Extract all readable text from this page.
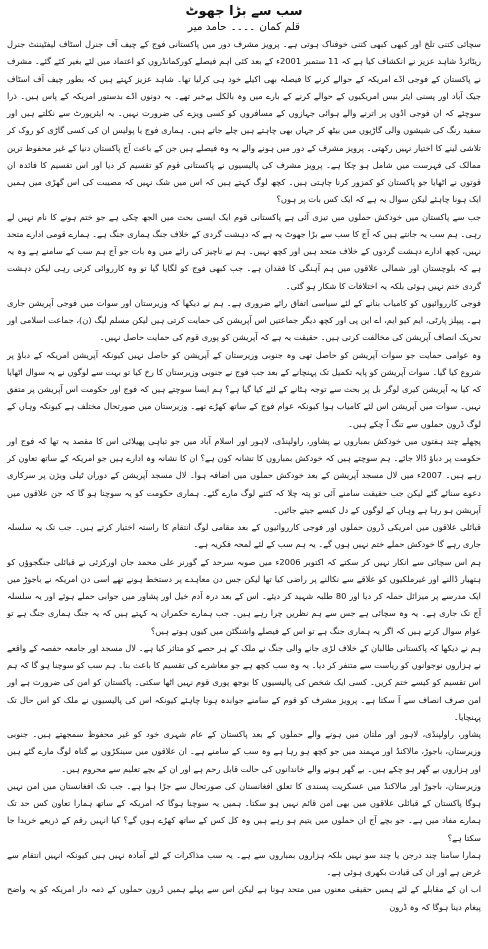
سب سے بڑا جھوٹ
قلم کمان۔۔۔۔حامد میر

سچائی کتنی تلخ اور کبھی کبھی کتنی خوفناک ہوتی ہے۔ پرویز مشرف دور میں پاکستانی فوج کے چیف آف جنرل اسٹاف لیفٹیننٹ جنرل ریٹائرڈ شاہد عزیز نے انکشاف کیا ہے کہ 11 ستمبر 2001ء کے بعد کئی اہم فیصلے کورکمانڈروں کو اعتماد میں لئے بغیر کئے گئے۔ مشرف نے پاکستان کے فوجی اڈے امریکہ کے حوالے کرنے کا فیصلہ بھی اکیلے خود ہی کرلیا تھا۔ شاہد عزیز کہتے ہیں کہ بطور چیف آف اسٹاف جیک آباد اور پسنی ایئر بیس امریکیوں کے حوالے کرنے کے بارے میں وہ بالکل بےخبر تھے۔ یہ دونوں اڈے بدستور امریکہ کے پاس ہیں۔ ذرا سوچئے کہ ان فوجی اڈوں پر اترنے والے ہوائی جہازوں کے مسافروں کو کسی ویزے کی ضرورت نہیں۔ یہ ایئرپورٹ سے نکلتے ہیں اور سفید رنگ کی شیشوں والی گاڑیوں میں بیٹھ کر جہاں بھی چاہتے ہیں چلے جاتے ہیں۔ ہماری فوج یا پولیس ان کی کسی گاڑی کو روک کر تلاشی لینے کا اختیار نہیں رکھتی۔ پرویز مشرف کے دور میں ہونے والے یہ وہ فیصلے ہیں جن کے باعث آج پاکستان دنیا کے غیر محفوظ ترین ممالک کی فہرست میں شامل ہو چکا ہے۔ پرویز مشرف کی پالیسیوں نے پاکستانی قوم کو تقسیم کر دیا اور اس تقسیم کا فائدہ ان قوتوں نے اٹھایا جو پاکستان کو کمزور کرنا چاہتی ہیں۔ کچھ لوگ کہتے ہیں کہ اس میں شک نہیں کہ مصیبت کی اس گھڑی میں ہمیں ایک ہونا چاہئے لیکن سوال یہ ہے کہ ایک کس بات پر ہوں؟

جب سے پاکستان میں خودکش حملوں میں تیزی آئی ہے پاکستانی قوم ایک ایسی بحث میں الجھ چکی ہے جو ختم ہونے کا نام نہیں لے رہی۔ ہم سب یہ جانتے ہیں کہ آج کا سب سے بڑا جھوٹ یہ ہے کہ دہشت گردی کے خلاف جنگ ہماری جنگ ہے۔ ہمارے قومی ادارے متحد نہیں، کچھ ادارے دہشت گردوں کے خلاف متحد ہیں اور کچھ نہیں۔ ہم نے ناچیز کی رائے میں وہ بات جو آج ہم سب کے سامنے ہے وہ یہ ہے کہ بلوچستان اور شمالی علاقوں میں ہم آہنگی کا فقدان ہے۔ جب کبھی فوج کو لگایا گیا تو وہ کارروائی کرتی رہی لیکن دہشت گردی ختم نہیں ہوئی بلکہ یہ اختلافات کا شکار ہو گئی۔

فوجی کارروائیوں کو کامیاب بنانے کے لئے سیاسی اتفاق رائے ضروری ہے۔ ہم نے دیکھا کہ وزیرستان اور سوات میں فوجی آپریشن جاری ہے۔ پیپلز پارٹی، ایم کیو ایم، اے این پی اور کچھ دیگر جماعتیں اس آپریشن کی حمایت کرتی ہیں لیکن مسلم لیگ (ن)، جماعت اسلامی اور تحریک انصاف آپریشن کی مخالفت کرتی ہیں۔ حقیقت یہ ہے کہ آپریشن کو پوری قوم کی حمایت حاصل نہیں۔

وہ عوامی حمایت جو سوات آپریشن کو حاصل تھی وہ جنوبی وزیرستان کے آپریشن کو حاصل نہیں کیونکہ آپریشن امریکہ کے دباؤ پر شروع کیا گیا۔ سوات آپریشن کو پایہ تکمیل تک پہنچانے کے بعد جب فوج نے جنوبی وزیرستان کا رخ کیا تو بہت سے لوگوں نے یہ سوال اٹھایا کہ کیا یہ آپریشن کیری لوگر بل پر بحث سے توجہ ہٹانے کے لئے کیا گیا ہے؟ ہم ایسا سوچتے ہیں کہ فوج اور حکومت اس آپریشن پر متفق نہیں۔ سوات میں آپریشن اس لئے کامیاب ہوا کیونکہ عوام فوج کے ساتھ کھڑے تھے۔ وزیرستان میں صورتحال مختلف ہے کیونکہ وہاں کے لوگ ڈرون حملوں سے تنگ آ چکے ہیں۔

پچھلے چند ہفتوں میں خودکش بمباروں نے پشاور، راولپنڈی، لاہور اور اسلام آباد میں جو تباہی پھیلائی اس کا مقصد یہ تھا کہ فوج اور حکومت پر دباؤ ڈالا جائے۔ ہم سوچتے ہیں کہ خودکش بمباروں کا نشانہ کون ہے؟ ان کا نشانہ وہ ادارے ہیں جو امریکہ کے ساتھ تعاون کر رہے ہیں۔ 2007ء میں لال مسجد آپریشن کے بعد خودکش حملوں میں اضافہ ہوا۔ لال مسجد آپریشن کے دوران ٹیلی ویژن پر سرکاری دعوے سنائے گئے لیکن جب حقیقت سامنے آئی تو پتہ چلا کہ کتنے لوگ مارے گئے۔ ہماری حکومت کو یہ سوچنا ہو گا کہ جن علاقوں میں آپریشن ہو رہا ہے وہاں کے لوگوں کے دل کیسے جیتے جائیں۔

قبائلی علاقوں میں امریکی ڈرون حملوں اور فوجی کارروائیوں کے بعد مقامی لوگ انتقام کا راستہ اختیار کرتے ہیں۔ جب تک یہ سلسلہ جاری رہے گا خودکش حملے ختم نہیں ہوں گے۔ یہ ہم سب کے لئے لمحہ فکریہ ہے۔

ہم اس سچائی سے انکار نہیں کر سکتے کہ اکتوبر 2006ء میں صوبہ سرحد کے گورنر علی محمد جان اورکزئی نے قبائلی جنگجوؤں کو ہتھیار ڈالنے اور غیرملکیوں کو علاقے سے نکالنے پر راضی کیا تھا لیکن جس دن معاہدے پر دستخط ہونے تھے اسی دن امریکہ نے باجوڑ میں ایک مدرسے پر میزائل حملہ کر دیا اور 80 طلبہ شہید کر دیئے۔ اس کے بعد درہ آدم خیل اور پشاور میں جوابی حملے ہوئے اور یہ سلسلہ آج تک جاری ہے۔ یہ وہ سچائی ہے جس سے ہم نظریں چرا رہے ہیں۔ جب ہمارے حکمران یہ کہتے ہیں کہ یہ جنگ ہماری جنگ ہے تو عوام سوال کرتے ہیں کہ اگر یہ ہماری جنگ ہے تو اس کے فیصلے واشنگٹن میں کیوں ہوتے ہیں؟

ہم نے دیکھا کہ پاکستانی طالبان کے خلاف لڑی جانے والی جنگ نے ملک کے ہر حصے کو متاثر کیا ہے۔ لال مسجد اور جامعہ حفصہ کے واقعے نے ہزاروں نوجوانوں کو ریاست سے متنفر کر دیا۔ یہ وہ سب کچھ ہے جو معاشرے کی تقسیم کا باعث بنا۔ ہم سب کو سوچنا ہو گا کہ ہم اس تقسیم کو کیسے ختم کریں۔ کسی ایک شخص کی پالیسیوں کا بوجھ پوری قوم نہیں اٹھا سکتی۔ پاکستان کو امن کی ضرورت ہے اور امن صرف انصاف سے آ سکتا ہے۔ پرویز مشرف کو قوم کے سامنے جوابدہ ہونا چاہئے کیونکہ اس کی پالیسیوں نے ملک کو اس حال تک پہنچایا۔

پشاور، راولپنڈی، لاہور اور ملتان میں ہونے والے حملوں کے بعد پاکستان کے عام شہری خود کو غیر محفوظ سمجھتے ہیں۔ جنوبی وزیرستان، باجوڑ، مالاکنڈ اور مہمند میں جو کچھ ہو رہا ہے وہ سب کے سامنے ہے۔ ان علاقوں میں سینکڑوں بے گناہ لوگ مارے گئے ہیں اور ہزاروں بے گھر ہو چکے ہیں۔ بے گھر ہونے والے خاندانوں کی حالت قابل رحم ہے اور ان کے بچے تعلیم سے محروم ہیں۔

وزیرستان، باجوڑ اور مالاکنڈ میں عسکریت پسندی کا تعلق افغانستان کی صورتحال سے جڑا ہوا ہے۔ جب تک افغانستان میں امن نہیں ہوگا پاکستان کے قبائلی علاقوں میں بھی امن قائم نہیں ہو سکتا۔ ہمیں یہ سوچنا ہوگا کہ امریکہ کے ساتھ ہمارا تعاون کس حد تک ہمارے مفاد میں ہے۔ جو بچے آج ان حملوں میں یتیم ہو رہے ہیں وہ کل کس کے ساتھ کھڑے ہوں گے؟ کیا انہیں رقم کے ذریعے خریدا جا سکتا ہے؟

ہمارا سامنا چند درجن یا چند سو نہیں بلکہ ہزاروں بمباروں سے ہے۔ یہ سب مذاکرات کے لئے آمادہ نہیں ہیں کیونکہ انہیں انتقام سے غرض ہے اور ان کی قیادت بکھری ہوئی ہے۔

اب ان کے مقابلے کے لئے ہمیں حقیقی معنوں میں متحد ہونا ہے لیکن اس سے پہلے ہمیں ڈرون حملوں کے ذمہ دار امریکہ کو یہ واضح پیغام دینا ہوگا کہ وہ ڈرون
